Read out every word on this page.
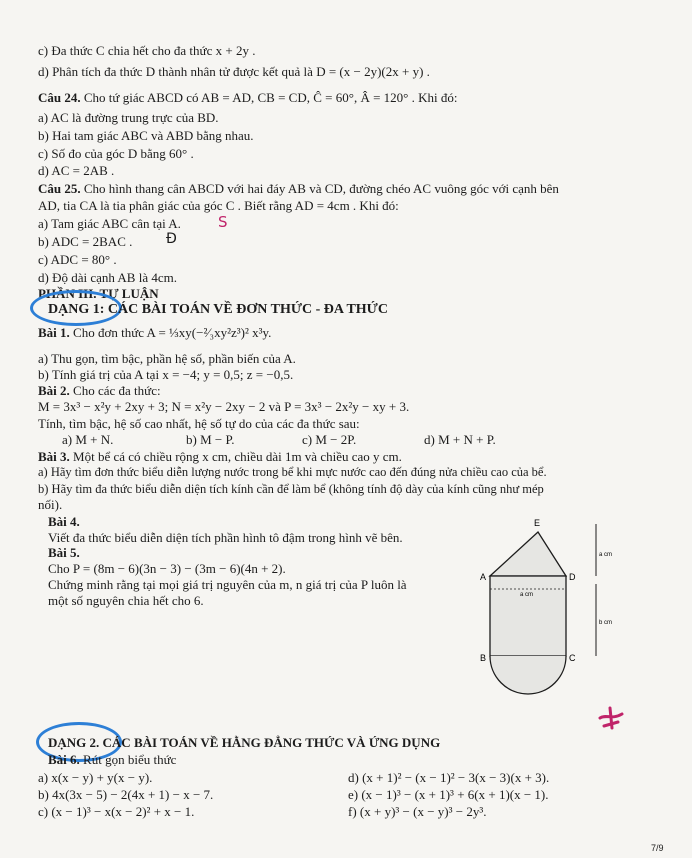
c) Đa thức C chia hết cho đa thức x + 2y .
d) Phân tích đa thức D thành nhân tử được kết quả là D = (x − 2y)(2x + y) .
Câu 24. Cho tứ giác ABCD có AB = AD, CB = CD, Ĉ = 60°, Â = 120° . Khi đó:
a) AC là đường trung trực của BD.
b) Hai tam giác ABC và ABD bằng nhau.
c) Số đo của góc D bằng 60° .
d) AC = 2AB .
Câu 25. Cho hình thang cân ABCD với hai đáy AB và CD, đường chéo AC vuông góc với cạnh bên
AD, tia CA là tia phân giác của góc C . Biết rằng AD = 4cm . Khi đó:
a) Tam giác ABC cân tại A. S
b) ADC = 2BAC . Đ
c) ADC = 80° .
d) Độ dài cạnh AB là 4cm.
PHẦN III. TỰ LUẬN
DẠNG 1: CÁC BÀI TOÁN VỀ ĐƠN THỨC - ĐA THỨC
Bài 1. Cho đơn thức A = ⅓xy(−²⁄₃xy²z³)² x³y.
a) Thu gọn, tìm bậc, phần hệ số, phần biến của A.
b) Tính giá trị của A tại x = −4; y = 0,5; z = −0,5.
Bài 2. Cho các đa thức:
M = 3x³ − x²y + 2xy + 3; N = x²y − 2xy − 2 và P = 3x³ − 2x²y − xy + 3.
Tính, tìm bậc, hệ số cao nhất, hệ số tự do của các đa thức sau:
a) M + N.	b) M − P.	c) M − 2P.	d) M + N + P.
Bài 3. Một bể cá có chiều rộng x cm, chiều dài 1m và chiều cao y cm.
a) Hãy tìm đơn thức biểu diễn lượng nước trong bể khi mực nước cao đến đúng nửa chiều cao của bể.
b) Hãy tìm đa thức biểu diễn diện tích kính cần để làm bể (không tính độ dày của kính cũng như mép
nối).
Bài 4.
Viết đa thức biểu diễn diện tích phần hình tô đậm trong hình vẽ bên.
Bài 5.
Cho P = (8m − 6)(3n − 3) − (3m − 6)(4n + 2).
Chứng minh rằng tại mọi giá trị nguyên của m, n giá trị của P luôn là
một số nguyên chia hết cho 6.
E
A	D
B	C
a cm
a cm
b cm
DẠNG 2. CÁC BÀI TOÁN VỀ HẰNG ĐẲNG THỨC VÀ ỨNG DỤNG
Bài 6. Rút gọn biểu thức
a) x(x − y) + y(x − y).
b) 4x(3x − 5) − 2(4x + 1) − x − 7.
c) (x − 1)³ − x(x − 2)² + x − 1.
d) (x + 1)² − (x − 1)² − 3(x − 3)(x + 3).
e) (x − 1)³ − (x + 1)³ + 6(x + 1)(x − 1).
f) (x + y)³ − (x − y)³ − 2y³.
7/9
